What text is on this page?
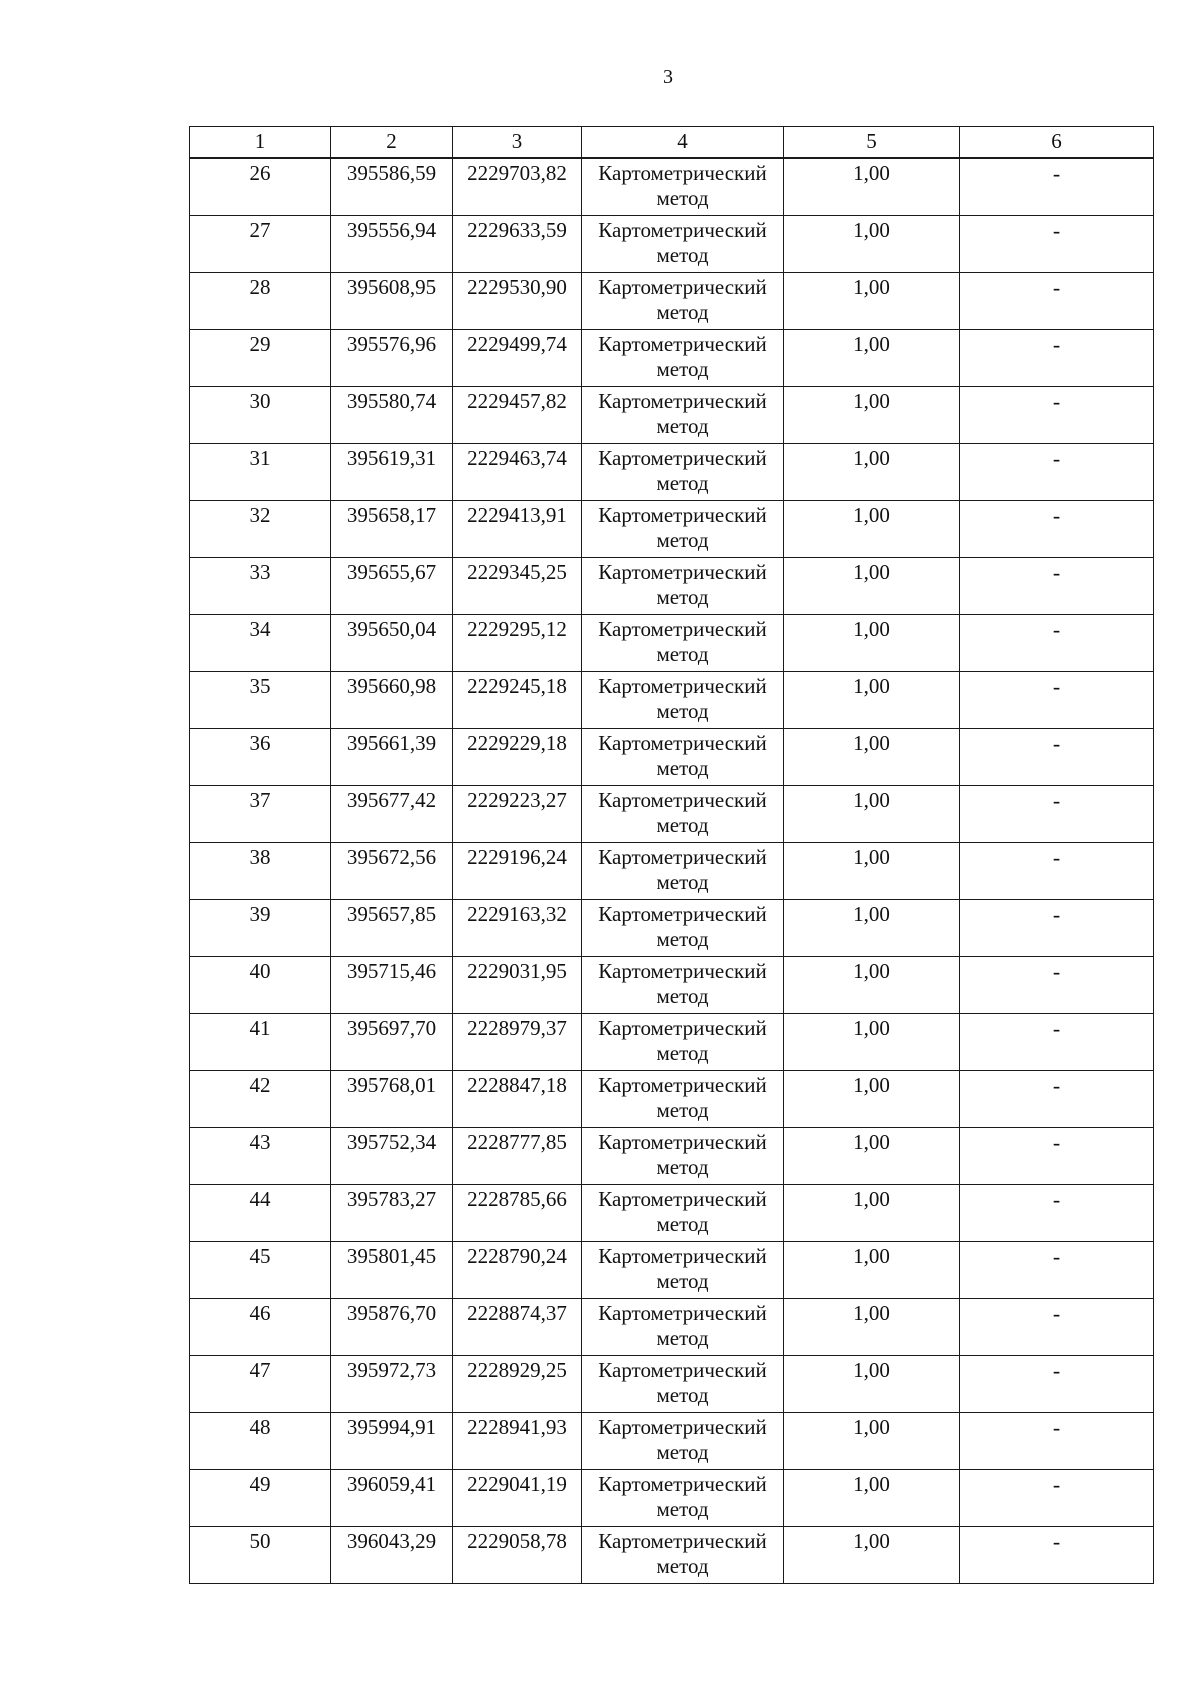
3
1	2	3	4	5	6
26	395586,59	2229703,82	Картометрический метод	1,00	-
27	395556,94	2229633,59	Картометрический метод	1,00	-
28	395608,95	2229530,90	Картометрический метод	1,00	-
29	395576,96	2229499,74	Картометрический метод	1,00	-
30	395580,74	2229457,82	Картометрический метод	1,00	-
31	395619,31	2229463,74	Картометрический метод	1,00	-
32	395658,17	2229413,91	Картометрический метод	1,00	-
33	395655,67	2229345,25	Картометрический метод	1,00	-
34	395650,04	2229295,12	Картометрический метод	1,00	-
35	395660,98	2229245,18	Картометрический метод	1,00	-
36	395661,39	2229229,18	Картометрический метод	1,00	-
37	395677,42	2229223,27	Картометрический метод	1,00	-
38	395672,56	2229196,24	Картометрический метод	1,00	-
39	395657,85	2229163,32	Картометрический метод	1,00	-
40	395715,46	2229031,95	Картометрический метод	1,00	-
41	395697,70	2228979,37	Картометрический метод	1,00	-
42	395768,01	2228847,18	Картометрический метод	1,00	-
43	395752,34	2228777,85	Картометрический метод	1,00	-
44	395783,27	2228785,66	Картометрический метод	1,00	-
45	395801,45	2228790,24	Картометрический метод	1,00	-
46	395876,70	2228874,37	Картометрический метод	1,00	-
47	395972,73	2228929,25	Картометрический метод	1,00	-
48	395994,91	2228941,93	Картометрический метод	1,00	-
49	396059,41	2229041,19	Картометрический метод	1,00	-
50	396043,29	2229058,78	Картометрический метод	1,00	-
